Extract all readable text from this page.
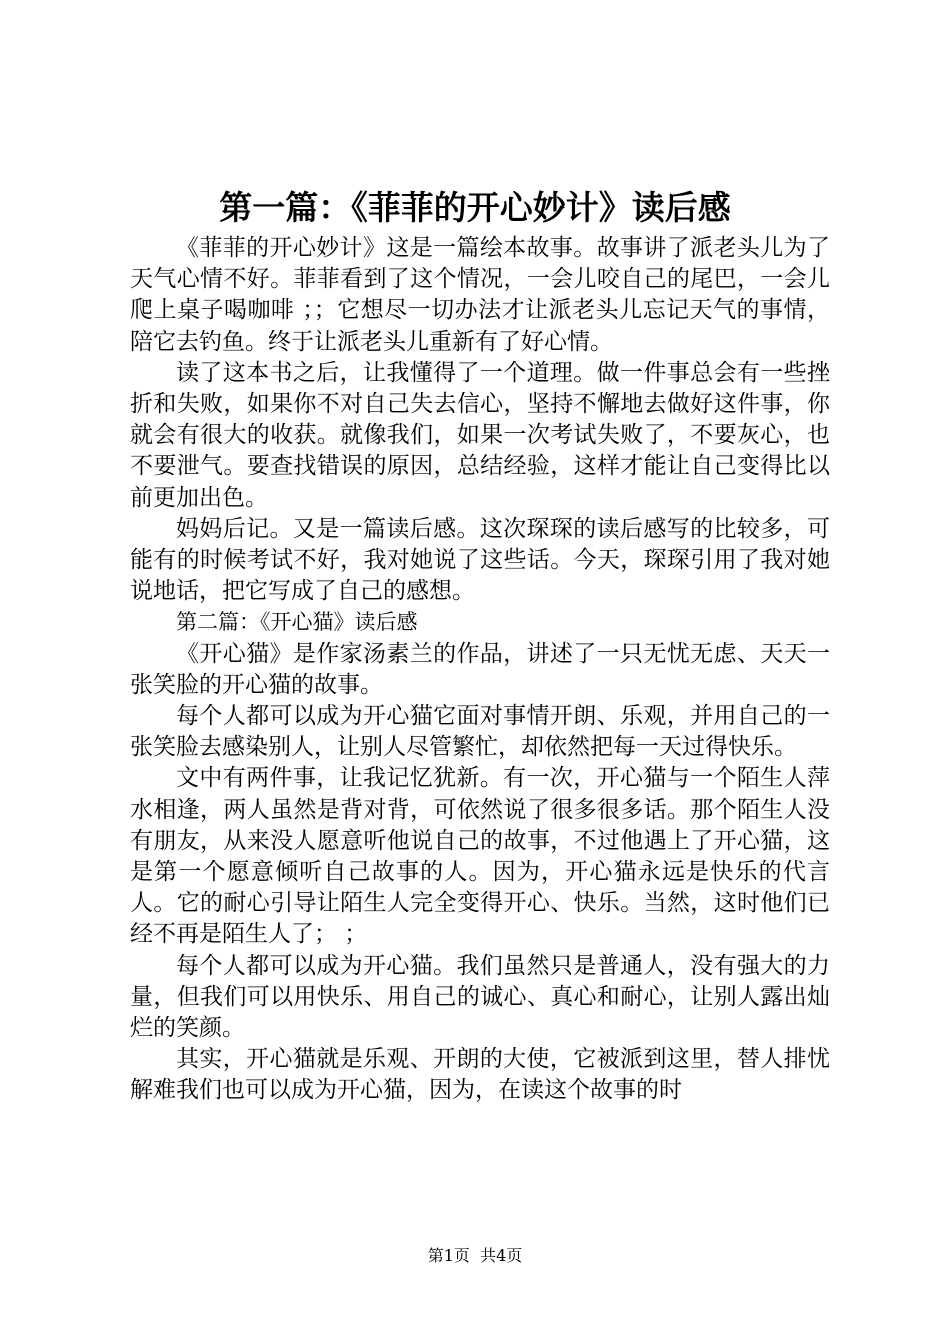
第一篇：《菲菲的开心妙计》读后感

《菲菲的开心妙计》这是一篇绘本故事。故事讲了派老头儿为了天气心情不好。菲菲看到了这个情况，一会儿咬自己的尾巴，一会儿爬上桌子喝咖啡 ；；它想尽一切办法才让派老头儿忘记天气的事情，陪它去钓鱼。终于让派老头儿重新有了好心情。

读了这本书之后，让我懂得了一个道理。做一件事总会有一些挫折和失败，如果你不对自己失去信心，坚持不懈地去做好这件事，你就会有很大的收获。就像我们，如果一次考试失败了，不要灰心，也不要泄气。要查找错误的原因，总结经验，这样才能让自己变得比以前更加出色。

妈妈后记。又是一篇读后感。这次琛琛的读后感写的比较多，可能有的时候考试不好，我对她说了这些话。今天，琛琛引用了我对她说地话，把它写成了自己的感想。

第二篇：《开心猫》读后感

《开心猫》是作家汤素兰的作品，讲述了一只无忧无虑、天天一张笑脸的开心猫的故事。

每个人都可以成为开心猫它面对事情开朗、乐观，并用自己的一张笑脸去感染别人，让别人尽管繁忙，却依然把每一天过得快乐。

文中有两件事，让我记忆犹新。有一次，开心猫与一个陌生人萍水相逢，两人虽然是背对背，可依然说了很多很多话。那个陌生人没有朋友，从来没人愿意听他说自己的故事，不过他遇上了开心猫，这是第一个愿意倾听自己故事的人。因为，开心猫永远是快乐的代言人。它的耐心引导让陌生人完全变得开心、快乐。当然，这时他们已经不再是陌生人了； ；

每个人都可以成为开心猫。我们虽然只是普通人，没有强大的力量，但我们可以用快乐、用自己的诚心、真心和耐心，让别人露出灿烂的笑颜。

其实，开心猫就是乐观、开朗的大使，它被派到这里，替人排忧解难我们也可以成为开心猫，因为，在读这个故事的时

第1页  共4页
